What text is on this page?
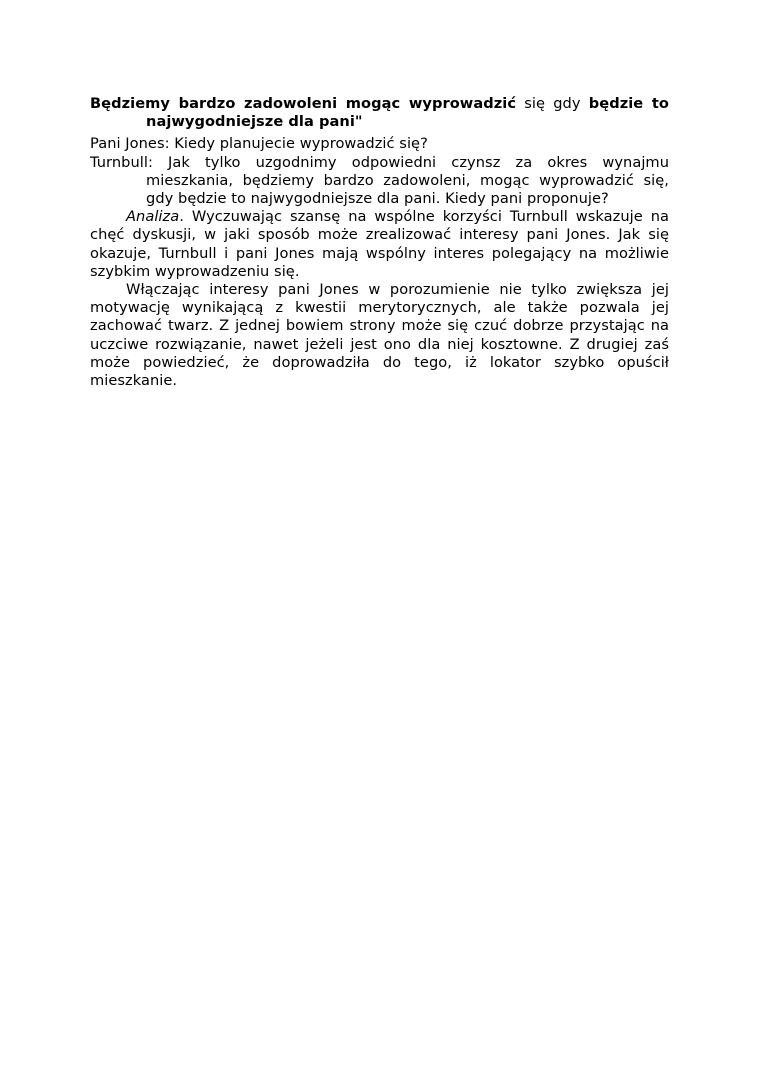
Będziemy bardzo zadowoleni mogąc wyprowadzić się gdy będzie to najwygodniejsze dla pani"

Pani Jones: Kiedy planujecie wyprowadzić się?

Turnbull: Jak tylko uzgodnimy odpowiedni czynsz za okres wynajmu mieszkania, będziemy bardzo zadowoleni, mogąc wyprowadzić się, gdy będzie to najwygodniejsze dla pani. Kiedy pani proponuje?

Analiza. Wyczuwając szansę na wspólne korzyści Turnbull wskazuje na chęć dyskusji, w jaki sposób może zrealizować interesy pani Jones. Jak się okazuje, Turnbull i pani Jones mają wspólny interes polegający na możliwie szybkim wyprowadzeniu się.

Włączając interesy pani Jones w porozumienie nie tylko zwiększa jej motywację wynikającą z kwestii merytorycznych, ale także pozwala jej zachować twarz. Z jednej bowiem strony może się czuć dobrze przystając na uczciwe rozwiązanie, nawet jeżeli jest ono dla niej kosztowne. Z drugiej zaś może powiedzieć, że doprowadziła do tego, iż lokator szybko opuścił mieszkanie.
